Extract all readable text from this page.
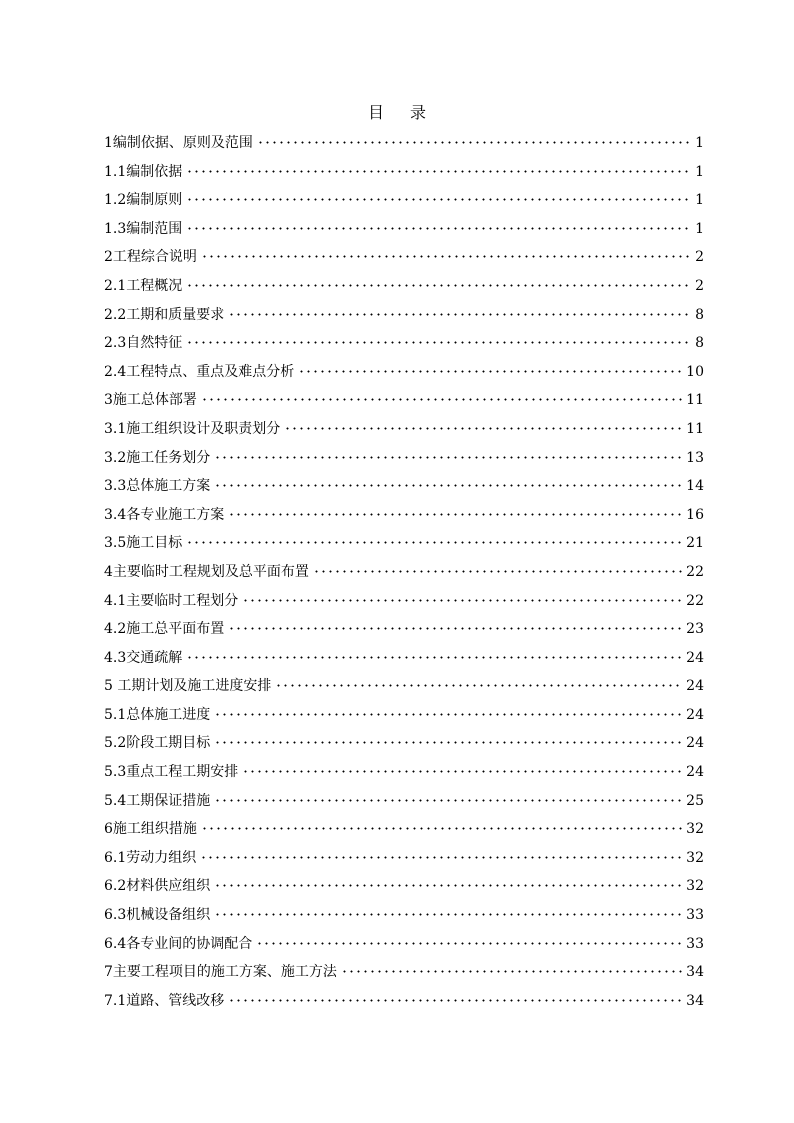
目 录
1编制依据、原则及范围	1
1.1编制依据	1
1.2编制原则	1
1.3编制范围	1
2工程综合说明	2
2.1工程概况	2
2.2工期和质量要求	8
2.3自然特征	8
2.4工程特点、重点及难点分析	10
3施工总体部署	11
3.1施工组织设计及职责划分	11
3.2施工任务划分	13
3.3总体施工方案	14
3.4各专业施工方案	16
3.5施工目标	21
4主要临时工程规划及总平面布置	22
4.1主要临时工程划分	22
4.2施工总平面布置	23
4.3交通疏解	24
5 工期计划及施工进度安排	24
5.1总体施工进度	24
5.2阶段工期目标	24
5.3重点工程工期安排	24
5.4工期保证措施	25
6施工组织措施	32
6.1劳动力组织	32
6.2材料供应组织	32
6.3机械设备组织	33
6.4各专业间的协调配合	33
7主要工程项目的施工方案、施工方法	34
7.1道路、管线改移	34
